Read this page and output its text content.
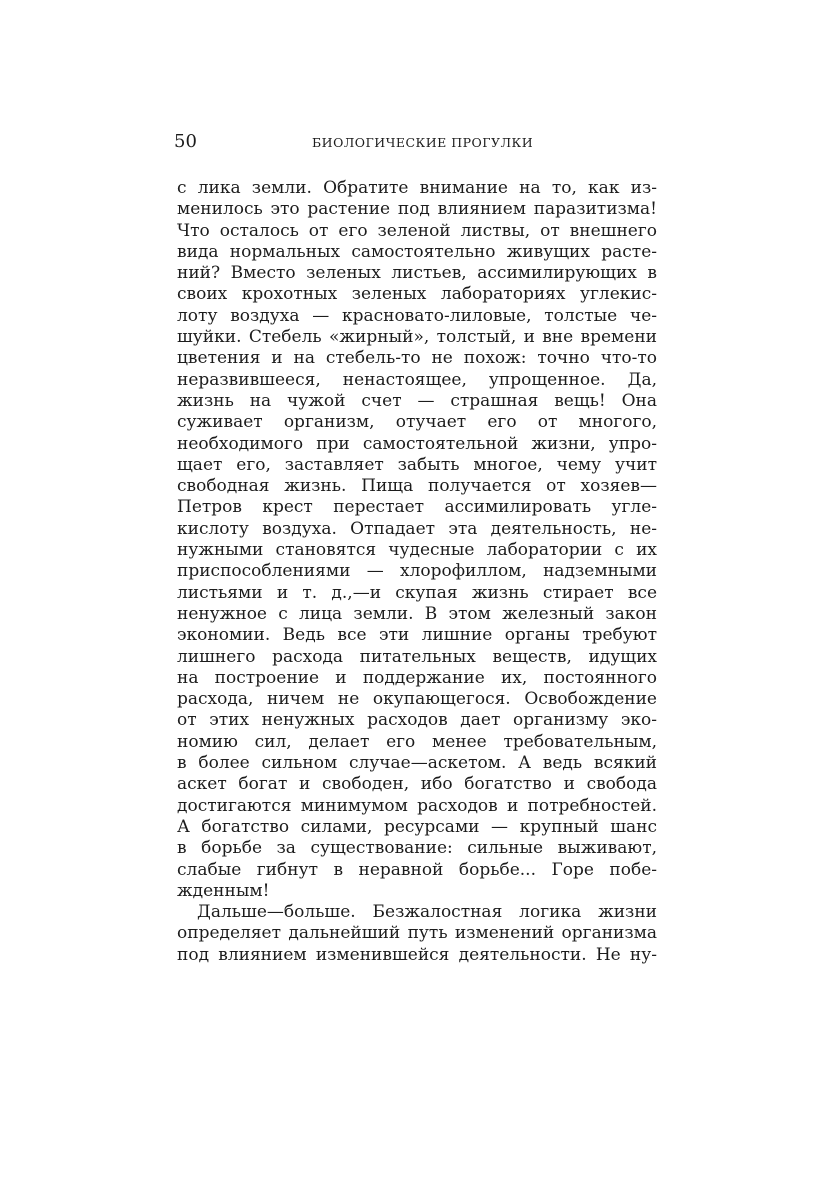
50	БИОЛОГИЧЕСКИЕ ПРОГУЛКИ
с лика земли. Обратите внимание на то, как из-
менилось это растение под влиянием паразитизма!
Что осталось от его зеленой листвы, от внешнего
вида нормальных самостоятельно живущих расте-
ний? Вместо зеленых листьев, ассимилирующих в
своих крохотных зеленых лабораториях углекис-
лоту воздуха — красновато-лиловые, толстые че-
шуйки. Стебель «жирный», толстый, и вне времени
цветения и на стебель-то не похож: точно что-то
неразвившееся, ненастоящее, упрощенное. Да,
жизнь на чужой счет — страшная вещь! Она
суживает организм, отучает его от многого,
необходимого при самостоятельной жизни, упро-
щает его, заставляет забыть многое, чему учит
свободная жизнь. Пища получается от хозяев—
Петров крест перестает ассимилировать угле-
кислоту воздуха. Отпадает эта деятельность, не-
нужными становятся чудесные лаборатории с их
приспособлениями — хлорофиллом, надземными
листьями и т. д.,—и скупая жизнь стирает все
ненужное с лица земли. В этом железный закон
экономии. Ведь все эти лишние органы требуют
лишнего расхода питательных веществ, идущих
на построение и поддержание их, постоянного
расхода, ничем не окупающегося. Освобождение
от этих ненужных расходов дает организму эко-
номию сил, делает его менее требовательным,
в более сильном случае—аскетом. А ведь всякий
аскет богат и свободен, ибо богатство и свобода
достигаются минимумом расходов и потребностей.
А богатство силами, ресурсами — крупный шанс
в борьбе за существование: сильные выживают,
слабые гибнут в неравной борьбе... Горе побе-
жденным!
Дальше—больше. Безжалостная логика жизни
определяет дальнейший путь изменений организма
под влиянием изменившейся деятельности. Не ну-
